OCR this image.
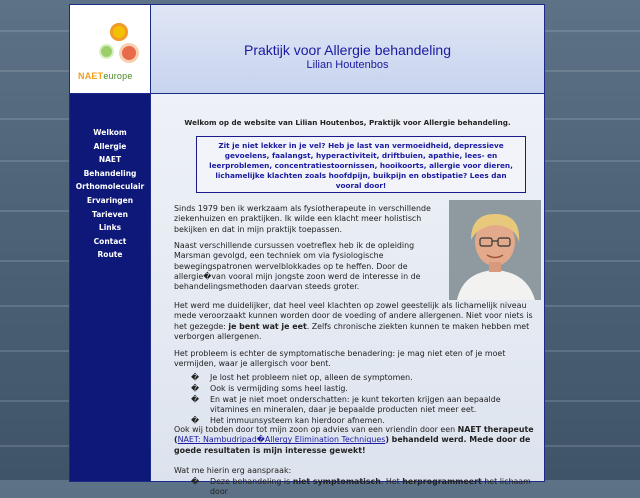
NAETeurope
Praktijk voor Allergie behandeling
Lilian Houtenbos
Welkom
Allergie
NAET
Behandeling
Orthomoleculair
Ervaringen
Tarieven
Links
Contact
Route
Welkom op de website van Lilian Houtenbos, Praktijk voor Allergie behandeling.
Zit je niet lekker in je vel? Heb je last van vermoeidheid, depressieve gevoelens, faalangst, hyperactiviteit, driftbuien, apathie, lees- en leerproblemen, concentratiestoornissen, hooikoorts, allergie voor dieren, lichamelijke klachten zoals hoofdpijn, buikpijn en obstipatie? Lees dan vooral door!

Sinds 1979 ben ik werkzaam als fysiotherapeute in verschillende ziekenhuizen en praktijken. Ik wilde een klacht meer holistisch bekijken en dat in mijn praktijk toepassen.

Naast verschillende cursussen voetreflex heb ik de opleiding Marsman gevolgd, een techniek om via fysiologische bewegingspatronen wervelblokkades op te heffen. Door de allergie�van vooral mijn jongste zoon werd de interesse in de behandelingsmethoden daarvan steeds groter.

Het werd me duidelijker, dat heel veel klachten op zowel geestelijk als lichamelijk niveau mede veroorzaakt kunnen worden door de voeding of andere allergenen. Niet voor niets is het gezegde: je bent wat je eet. Zelfs chronische ziekten kunnen te maken hebben met verborgen allergenen.

Het probleem is echter de symptomatische benadering: je mag niet eten of je moet vermijden, waar je allergisch voor bent.

� Je lost het probleem niet op, alleen de symptomen.
� Ook is vermijding soms heel lastig.
� En wat je niet moet onderschatten: je kunt tekorten krijgen aan bepaalde vitamines en mineralen, daar je bepaalde producten niet meer eet.
� Het immuunsysteem kan hierdoor afnemen.

Ook wij tobden door tot mijn zoon op advies van een vriendin door een NAET therapeute
(NAET: Nambudripad�Allergy Elimination Techniques) behandeld werd. Mede door de goede resultaten is mijn interesse gewekt!

Wat me hierin erg aanspraak:

� Deze behandeling is niet symptomatisch. Het herprogrammeert het lichaam door
